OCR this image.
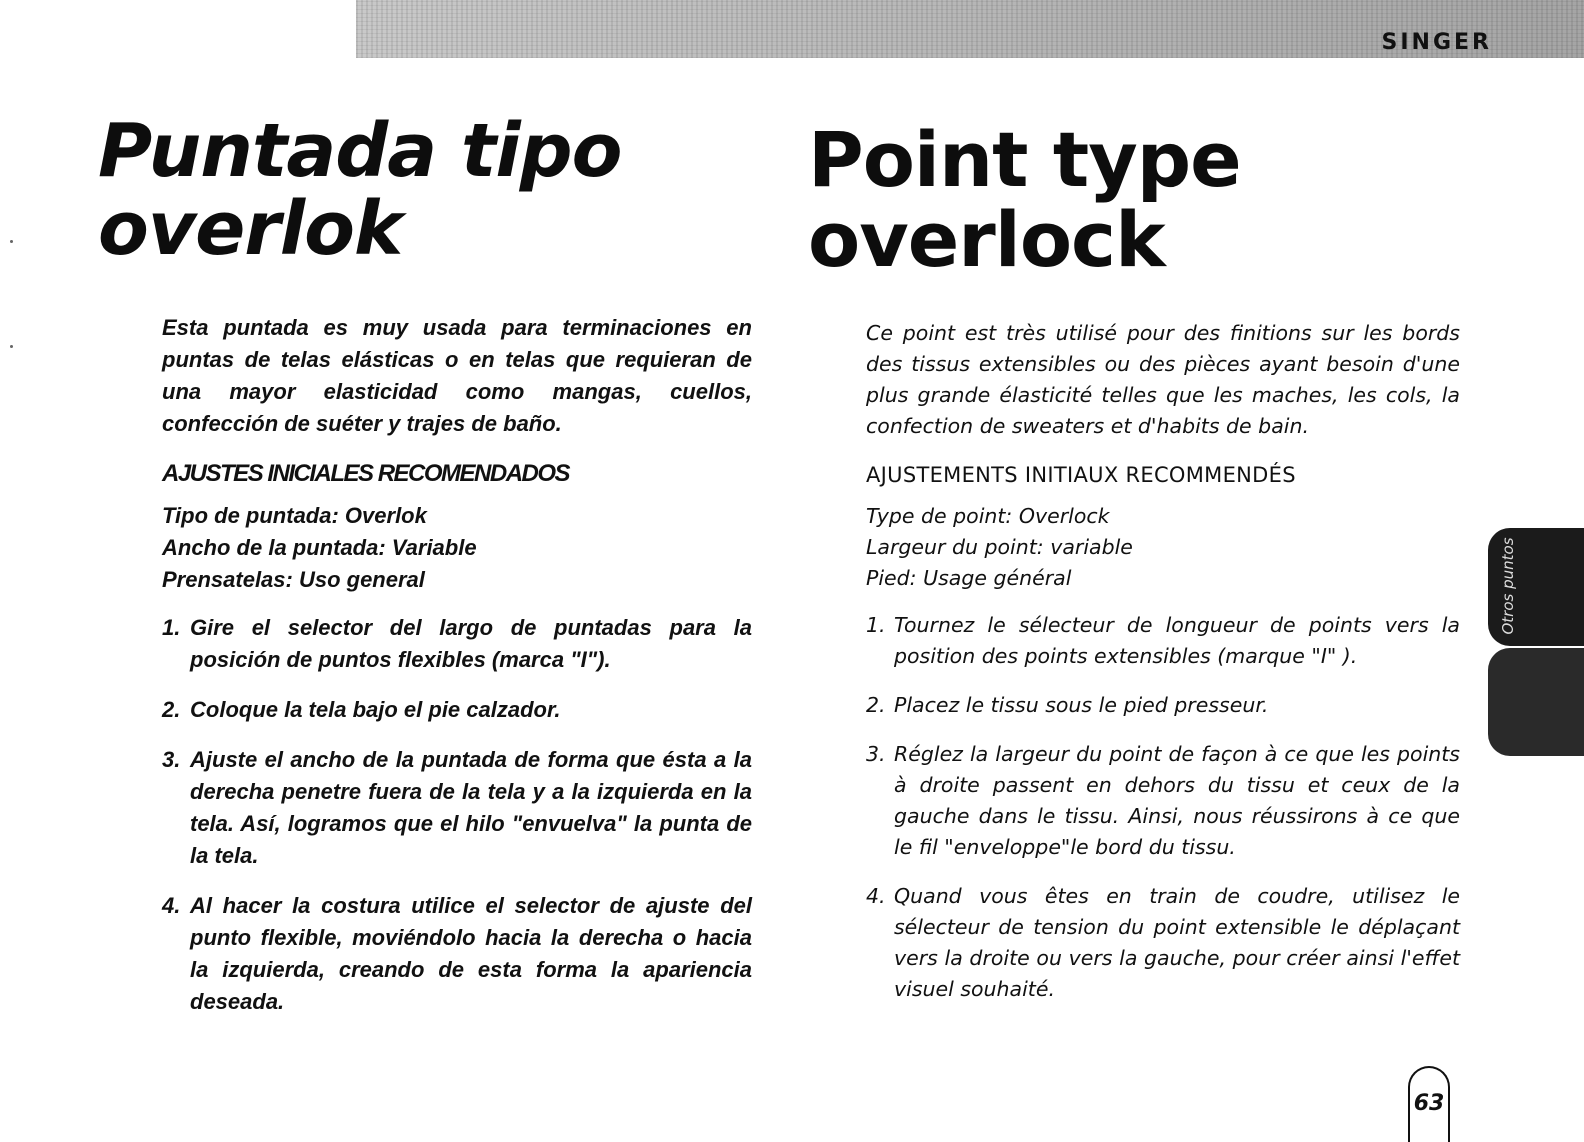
SINGER
Puntada tipo
overlok

Esta puntada es muy usada para terminaciones en puntas de telas elásticas o en telas que requieran de una mayor elasticidad como mangas, cuellos, confección de suéter y trajes de baño.

AJUSTES INICIALES RECOMENDADOS

Tipo de puntada: Overlok
Ancho de la puntada: Variable
Prensatelas: Uso general
1. Gire el selector del largo de puntadas para la posición de puntos flexibles (marca "I").
2. Coloque la tela bajo el pie calzador.
3. Ajuste el ancho de la puntada de forma que ésta a la derecha penetre fuera de la tela y a la izquierda en la tela. Así, logramos que el hilo "envuelva" la punta de la tela.
4. Al hacer la costura utilice el selector de ajuste del punto flexible, moviéndolo hacia la derecha o hacia la izquierda, creando de esta forma la apariencia deseada.
Point type
overlock

Ce point est très utilisé pour des finitions sur les bords des tissus extensibles ou des pièces ayant besoin d'une plus grande élasticité telles que les maches, les cols, la confection de sweaters et d'habits de bain.

AJUSTEMENTS INITIAUX RECOMMENDÉS

Type de point: Overlock
Largeur du point: variable
Pied: Usage général
1. Tournez le sélecteur de longueur de points vers la position des points extensibles (marque "I" ).
2. Placez le tissu sous le pied presseur.
3. Réglez la largeur du point de façon à ce que les points à droite passent en dehors du tissu et ceux de la gauche dans le tissu. Ainsi, nous réussirons à ce que le fil "enveloppe"le bord du tissu.
4. Quand vous êtes en train de coudre, utilisez le sélecteur de tension du point extensible le déplaçant vers la droite ou vers la gauche, pour créer ainsi l'effet visuel souhaité.
Otros puntos
63
